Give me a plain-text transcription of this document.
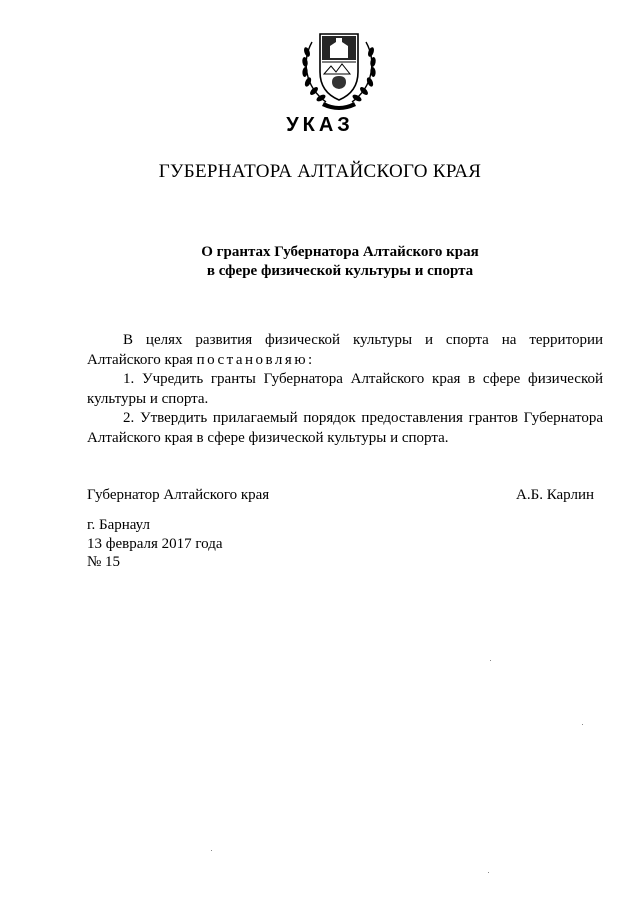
УКАЗ
ГУБЕРНАТОРА АЛТАЙСКОГО КРАЯ
О грантах Губернатора Алтайского края
в сфере физической культуры и спорта

В целях развития физической культуры и спорта на территории Алтайского края постановляю:

1. Учредить гранты Губернатора Алтайского края в сфере физической культуры и спорта.

2. Утвердить прилагаемый порядок предоставления грантов Губернатора Алтайского края в сфере физической культуры и спорта.

Губернатор Алтайского края	А.Б. Карлин
г. Барнаул
13 февраля 2017 года
№ 15
